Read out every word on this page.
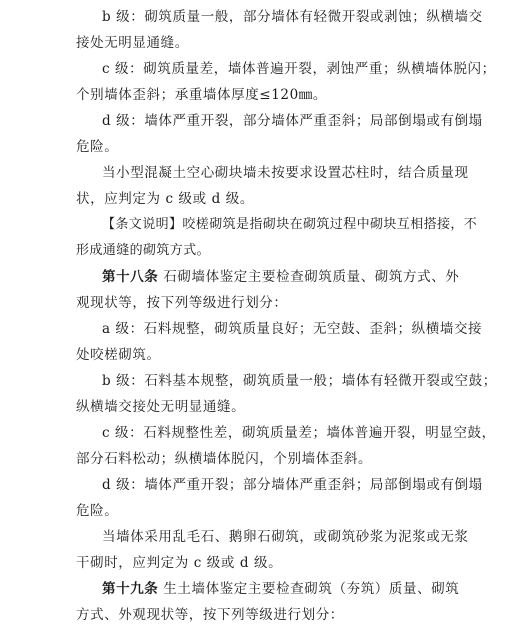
b 级：砌筑质量一般，部分墙体有轻微开裂或剥蚀；纵横墙交
接处无明显通缝。
c 级：砌筑质量差，墙体普遍开裂，剥蚀严重；纵横墙体脱闪；
个别墙体歪斜；承重墙体厚度≤120㎜。
d 级：墙体严重开裂，部分墙体严重歪斜；局部倒塌或有倒塌
危险。
当小型混凝土空心砌块墙未按要求设置芯柱时，结合质量现
状，应判定为 c 级或 d 级。
【条文说明】咬槎砌筑是指砌块在砌筑过程中砌块互相搭接，不
形成通缝的砌筑方式。
第十八条 石砌墙体鉴定主要检查砌筑质量、砌筑方式、外
观现状等，按下列等级进行划分：
a 级：石料规整，砌筑质量良好；无空鼓、歪斜；纵横墙交接
处咬槎砌筑。
b 级：石料基本规整，砌筑质量一般；墙体有轻微开裂或空鼓；
纵横墙交接处无明显通缝。
c 级：石料规整性差，砌筑质量差；墙体普遍开裂，明显空鼓，
部分石料松动；纵横墙体脱闪，个别墙体歪斜。
d 级：墙体严重开裂；部分墙体严重歪斜；局部倒塌或有倒塌
危险。
当墙体采用乱毛石、鹅卵石砌筑，或砌筑砂浆为泥浆或无浆
干砌时，应判定为 c 级或 d 级。
第十九条 生土墙体鉴定主要检查砌筑（夯筑）质量、砌筑
方式、外观现状等，按下列等级进行划分：
